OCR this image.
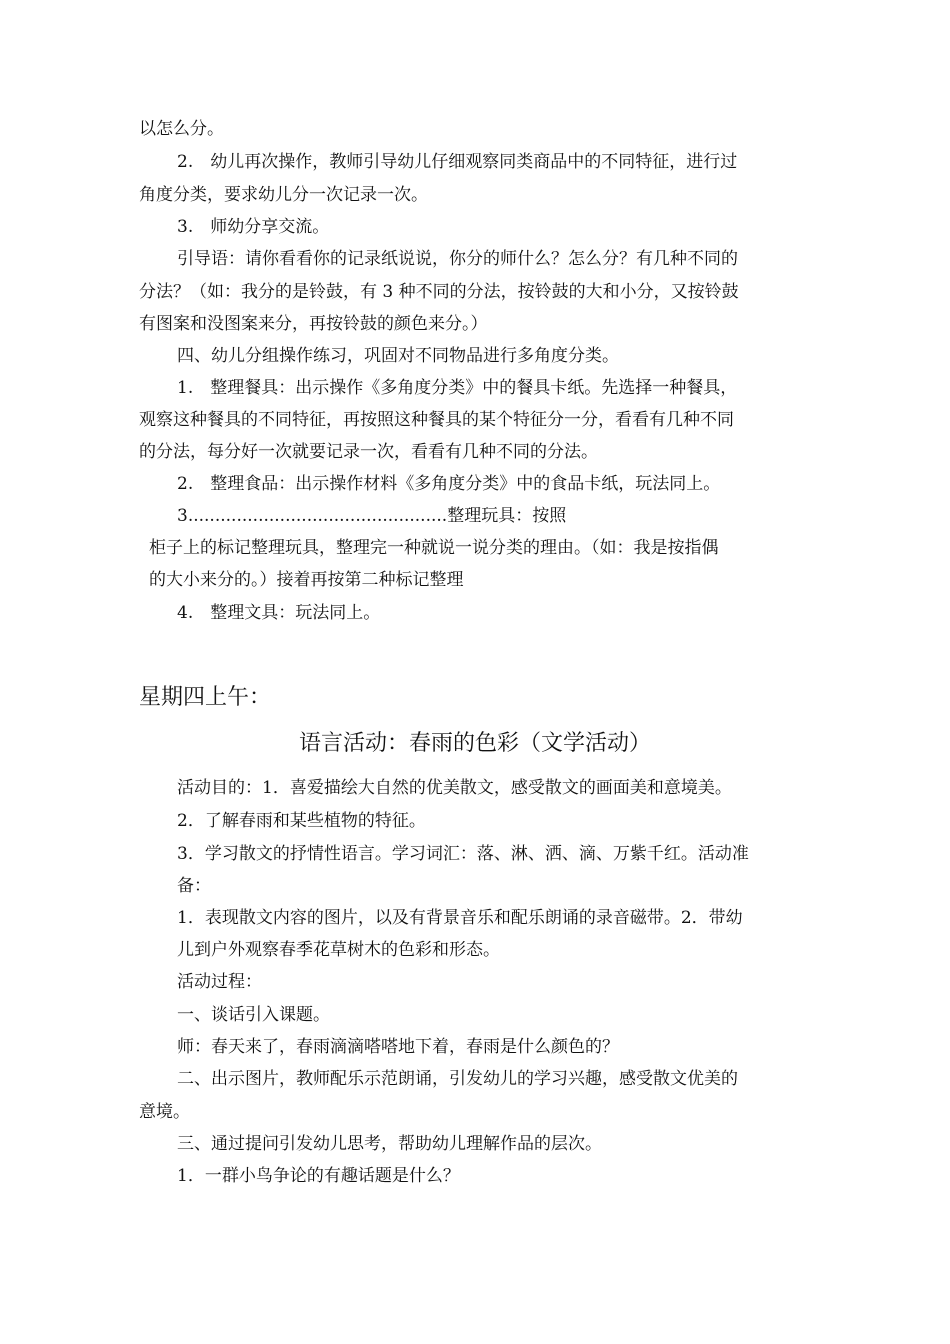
以怎么分。

2.　幼儿再次操作，教师引导幼儿仔细观察同类商品中的不同特征，进行过

角度分类，要求幼儿分一次记录一次。

3.　师幼分享交流。

引导语：请你看看你的记录纸说说，你分的师什么？怎么分？有几种不同的

分法？（如：我分的是铃鼓，有 3 种不同的分法，按铃鼓的大和小分，又按铃鼓

有图案和没图案来分，再按铃鼓的颜色来分。）

四、幼儿分组操作练习，巩固对不同物品进行多角度分类。

1.　整理餐具：出示操作《多角度分类》中的餐具卡纸。先选择一种餐具，

观察这种餐具的不同特征，再按照这种餐具的某个特征分一分，看看有几种不同

的分法，每分好一次就要记录一次，看看有几种不同的分法。

2.　整理食品：出示操作材料《多角度分类》中的食品卡纸，玩法同上。

3................................................整理玩具：按照

柜子上的标记整理玩具，整理完一种就说一说分类的理由。（如：我是按指偶

的大小来分的。）接着再按第二种标记整理

4.　整理文具：玩法同上。

星期四上午：
语言活动：春雨的色彩（文学活动）

活动目的：1．喜爱描绘大自然的优美散文，感受散文的画面美和意境美。

2．了解春雨和某些植物的特征。

3．学习散文的抒情性语言。学习词汇：落、淋、洒、滴、万紫千红。活动准

备：

1．表现散文内容的图片，以及有背景音乐和配乐朗诵的录音磁带。2．带幼

儿到户外观察春季花草树木的色彩和形态。

活动过程：

一、谈话引入课题。

师：春天来了，春雨滴滴嗒嗒地下着，春雨是什么颜色的？

二、出示图片，教师配乐示范朗诵，引发幼儿的学习兴趣，感受散文优美的

意境。

三、通过提问引发幼儿思考，帮助幼儿理解作品的层次。

1．一群小鸟争论的有趣话题是什么？
